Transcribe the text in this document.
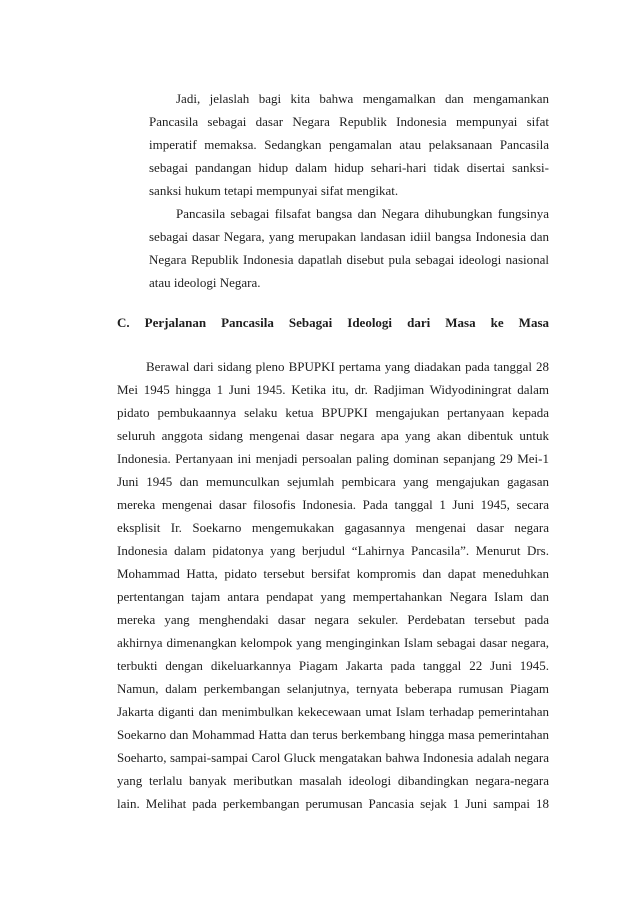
Jadi, jelaslah bagi kita bahwa mengamalkan dan mengamankan
Pancasila sebagai dasar Negara Republik Indonesia mempunyai sifat
imperatif memaksa. Sedangkan pengamalan atau pelaksanaan Pancasila
sebagai pandangan hidup dalam hidup sehari-hari tidak disertai sanksi-
sanksi hukum tetapi mempunyai sifat mengikat.
Pancasila sebagai filsafat bangsa dan Negara dihubungkan fungsinya
sebagai dasar Negara, yang merupakan landasan idiil bangsa Indonesia dan
Negara Republik Indonesia dapatlah disebut pula sebagai ideologi nasional
atau ideologi Negara.
C. Perjalanan Pancasila Sebagai Ideologi dari Masa ke Masa
Berawal dari sidang pleno BPUPKI pertama yang diadakan pada tanggal 28
Mei 1945 hingga 1 Juni 1945. Ketika itu, dr. Radjiman Widyodiningrat dalam
pidato pembukaannya selaku ketua BPUPKI mengajukan pertanyaan kepada
seluruh anggota sidang mengenai dasar negara apa yang akan dibentuk untuk
Indonesia. Pertanyaan ini menjadi persoalan paling dominan sepanjang 29 Mei-1
Juni 1945 dan memunculkan sejumlah pembicara yang mengajukan gagasan
mereka mengenai dasar filosofis Indonesia. Pada tanggal 1 Juni 1945, secara
eksplisit Ir. Soekarno mengemukakan gagasannya mengenai dasar negara
Indonesia dalam pidatonya yang berjudul “Lahirnya Pancasila”. Menurut Drs.
Mohammad Hatta, pidato tersebut bersifat kompromis dan dapat meneduhkan
pertentangan tajam antara pendapat yang mempertahankan Negara Islam dan
mereka yang menghendaki dasar negara sekuler. Perdebatan tersebut pada
akhirnya dimenangkan kelompok yang menginginkan Islam sebagai dasar negara,
terbukti dengan dikeluarkannya Piagam Jakarta pada tanggal 22 Juni 1945.
Namun, dalam perkembangan selanjutnya, ternyata beberapa rumusan Piagam
Jakarta diganti dan menimbulkan kekecewaan umat Islam terhadap pemerintahan
Soekarno dan Mohammad Hatta dan terus berkembang hingga masa pemerintahan
Soeharto, sampai-sampai Carol Gluck mengatakan bahwa Indonesia adalah negara
yang terlalu banyak meributkan masalah ideologi dibandingkan negara-negara
lain. Melihat pada perkembangan perumusan Pancasia sejak 1 Juni sampai 18
